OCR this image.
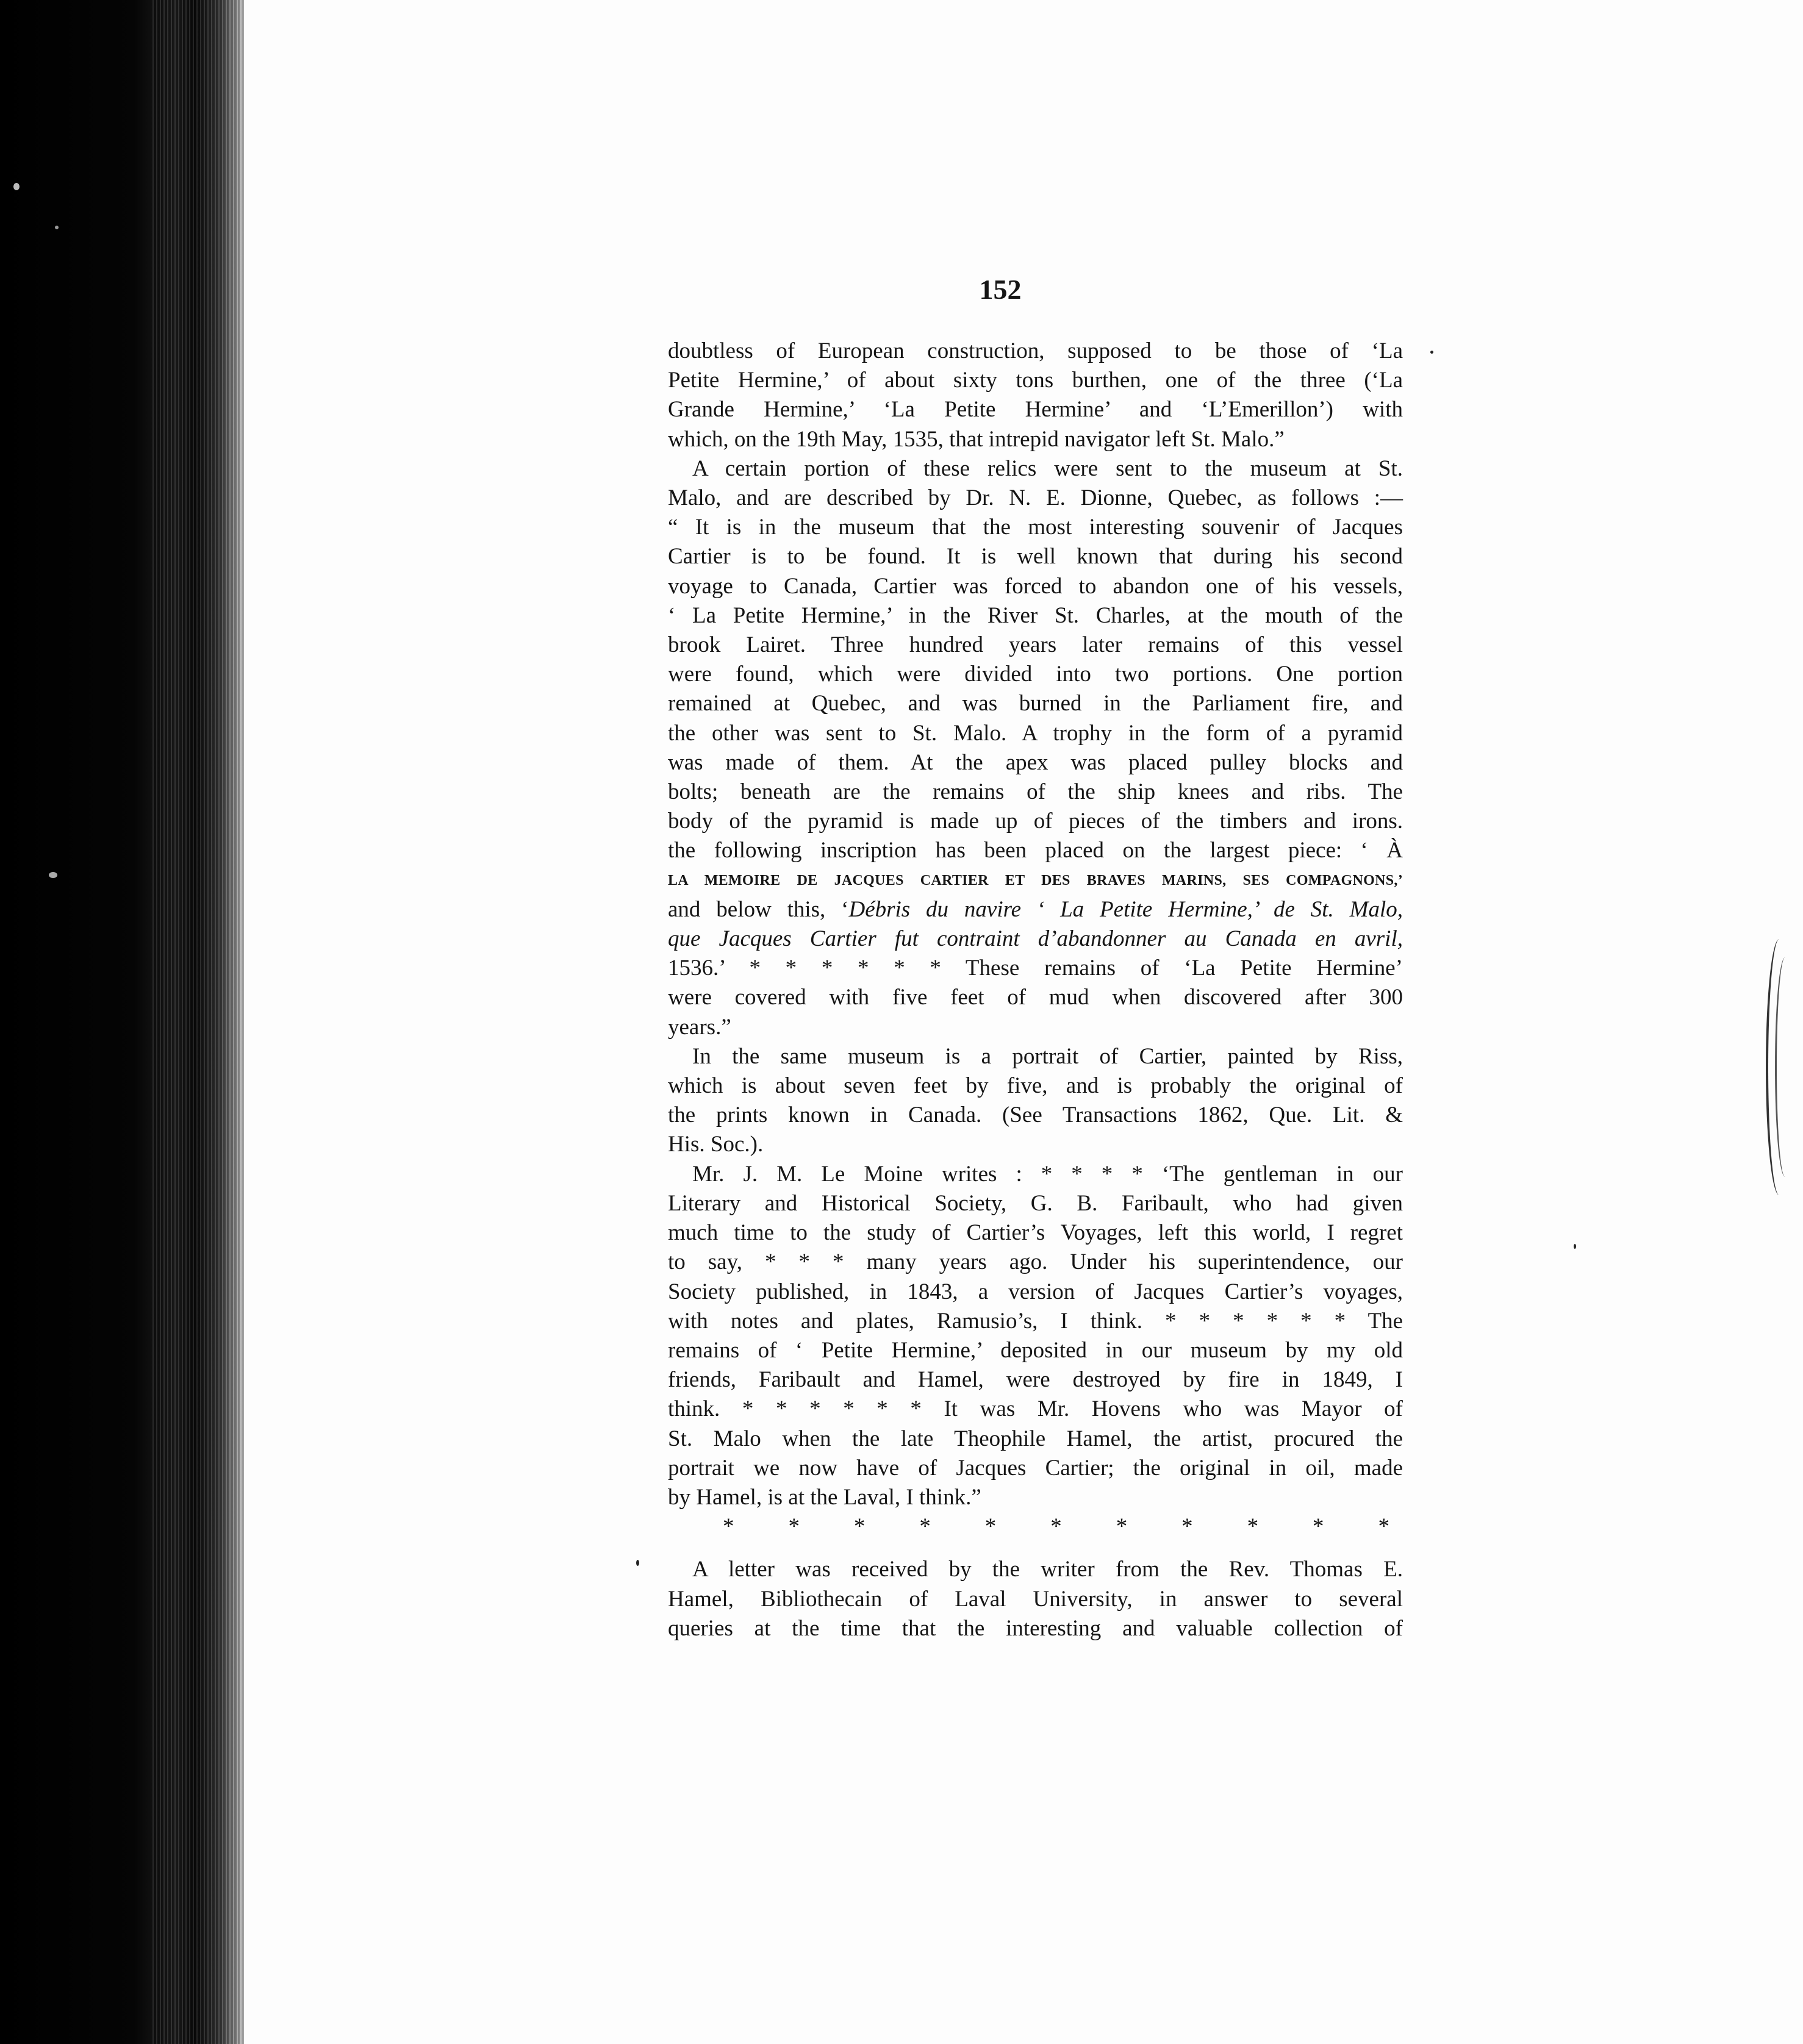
152

doubtless of European construction, supposed to be those of ‘La

Petite Hermine,’ of about sixty tons burthen, one of the three (‘La

Grande Hermine,’ ‘La Petite Hermine’ and ‘L’Emerillon’) with

which, on the 19th May, 1535, that intrepid navigator left St. Malo.”

A certain portion of these relics were sent to the museum at St.

Malo, and are described by Dr. N. E. Dionne, Quebec, as follows :—

“ It is in the museum that the most interesting souvenir of Jacques

Cartier is to be found. It is well known that during his second

voyage to Canada, Cartier was forced to abandon one of his vessels,

‘ La Petite Hermine,’ in the River St. Charles, at the mouth of the

brook Lairet. Three hundred years later remains of this vessel

were found, which were divided into two portions. One portion

remained at Quebec, and was burned in the Parliament fire, and

the other was sent to St. Malo. A trophy in the form of a pyramid

was made of them. At the apex was placed pulley blocks and

bolts; beneath are the remains of the ship knees and ribs. The

body of the pyramid is made up of pieces of the timbers and irons.

the following inscription has been placed on the largest piece: ‘ À

LA MEMOIRE DE JACQUES CARTIER ET DES BRAVES MARINS, SES COMPAGNONS,’

and below this, ‘Débris du navire ‘ La Petite Hermine,’ de St. Malo,

que Jacques Cartier fut contraint d’abandonner au Canada en avril,

1536.’ * * * * * * These remains of ‘La Petite Hermine’

were covered with five feet of mud when discovered after 300

years.”

In the same museum is a portrait of Cartier, painted by Riss,

which is about seven feet by five, and is probably the original of

the prints known in Canada. (See Transactions 1862, Que. Lit. &

His. Soc.).

Mr. J. M. Le Moine writes : * * * * ‘The gentleman in our

Literary and Historical Society, G. B. Faribault, who had given

much time to the study of Cartier’s Voyages, left this world, I regret

to say, * * * many years ago. Under his superintendence, our

Society published, in 1843, a version of Jacques Cartier’s voyages,

with notes and plates, Ramusio’s, I think. * * * * * * The

remains of ‘ Petite Hermine,’ deposited in our museum by my old

friends, Faribault and Hamel, were destroyed by fire in 1849, I

think. * * * * * * It was Mr. Hovens who was Mayor of

St. Malo when the late Theophile Hamel, the artist, procured the

portrait we now have of Jacques Cartier; the original in oil, made

by Hamel, is at the Laval, I think.”

* * * * * * * * * * *

A letter was received by the writer from the Rev. Thomas E.

Hamel, Bibliothecain of Laval University, in answer to several

queries at the time that the interesting and valuable collection of
